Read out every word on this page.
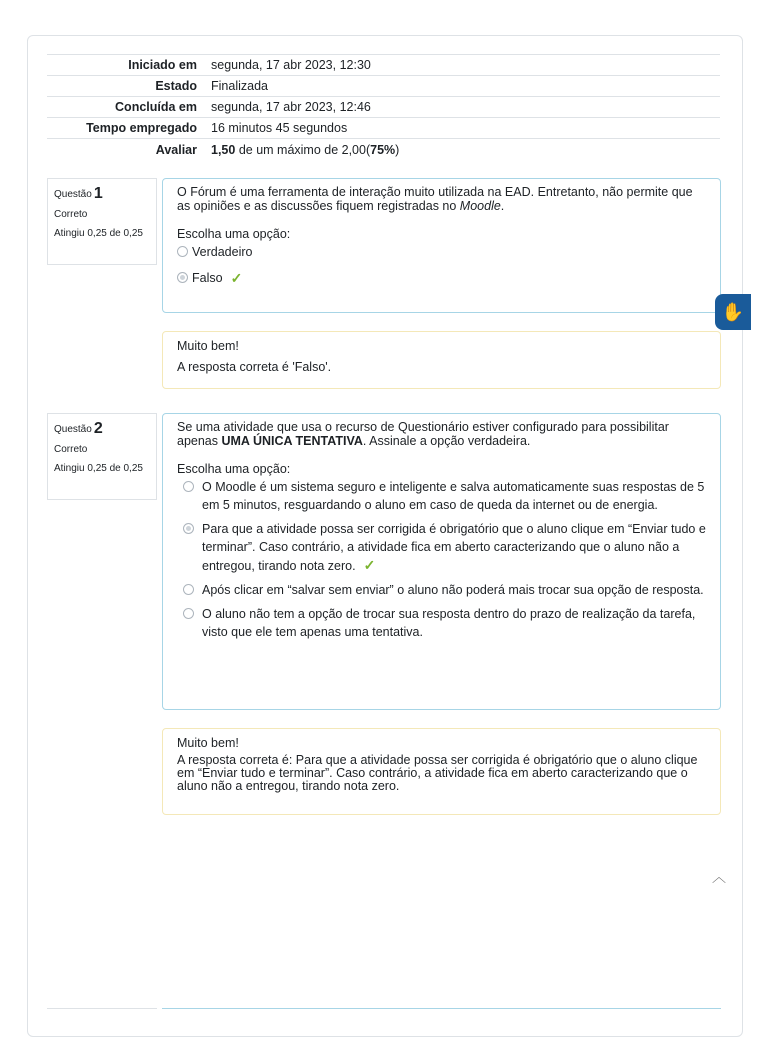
Iniciado em	segunda, 17 abr 2023, 12:30
Estado	Finalizada
Concluída em	segunda, 17 abr 2023, 12:46
Tempo empregado	16 minutos 45 segundos
Avaliar	1,50 de um máximo de 2,00(75%)
Questão 1
Correto
Atingiu 0,25 de 0,25

O Fórum é uma ferramenta de interação muito utilizada na EAD. Entretanto, não permite que as opiniões e as discussões fiquem registradas no Moodle.

Escolha uma opção:

Verdadeiro
Falso ✓

Muito bem!

A resposta correta é 'Falso'.

✋
Questão 2
Correto
Atingiu 0,25 de 0,25

Se uma atividade que usa o recurso de Questionário estiver configurado para possibilitar apenas UMA ÚNICA TENTATIVA. Assinale a opção verdadeira.

Escolha uma opção:

O Moodle é um sistema seguro e inteligente e salva automaticamente suas respostas de 5 em 5 minutos, resguardando o aluno em caso de queda da internet ou de energia.
Para que a atividade possa ser corrigida é obrigatório que o aluno clique em “Enviar tudo e terminar”. Caso contrário, a atividade fica em aberto caracterizando que o aluno não a entregou, tirando nota zero. ✓
Após clicar em “salvar sem enviar” o aluno não poderá mais trocar sua opção de resposta.
O aluno não tem a opção de trocar sua resposta dentro do prazo de realização da tarefa, visto que ele tem apenas uma tentativa.

Muito bem!

A resposta correta é: Para que a atividade possa ser corrigida é obrigatório que o aluno clique em “Enviar tudo e terminar”. Caso contrário, a atividade fica em aberto caracterizando que o aluno não a entregou, tirando nota zero.

︿
